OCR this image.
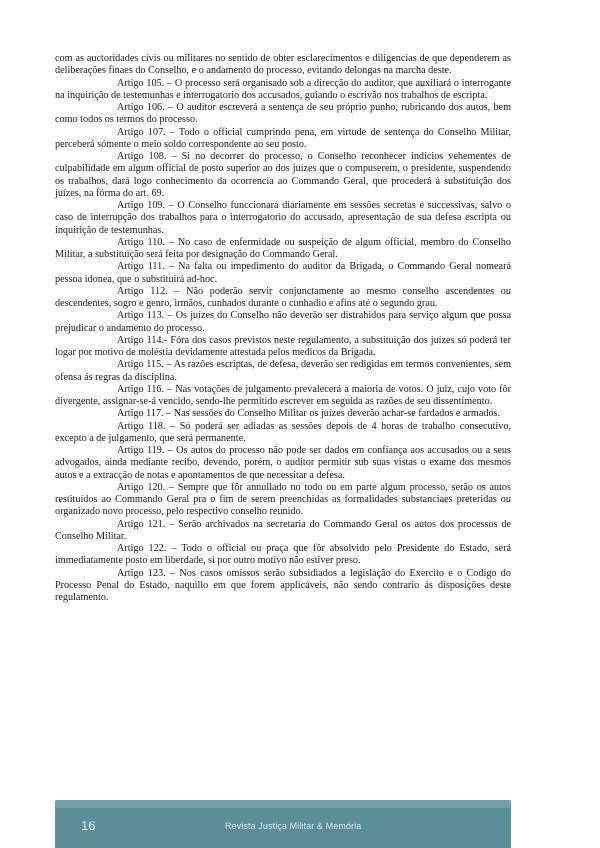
com as auctoridades civis ou militares no sentido de obter esclarecimentos e diligencias de que dependerem as deliberações finaes do Conselho, e o andamento do processo, evitando delongas na marcha deste.

Artigo 105. – O processo será organisado sob a direcção do auditor, que auxiliará o interrogante na inquirição de testemunhas e interrogatorio dos accusados, guiando o escrivão nos trabalhos de escripta.

Artigo 106. – O auditor escreverá a sentença de seu próprio punho, rubricando dos autos, bem como todos os termos do processo.

Artigo 107. – Todo o official cumprindo pena, em virtude de sentença do Conselho Militar, perceberá sómente o meio soldo correspondente ao seu posto.

Artigo 108. – Si no decorrer do processo, o Conselho reconhecer indícios vehementes de culpabilidade em algum official de posto superior ao dos juízes que o compuserem, o presidente, suspendendo os trabalhos, dará logo conhecimento da ocorrencia ao Commando Geral, que procederá à substituição dos juízes, na fórma do art. 69.

Artigo 109. – O Conselho funccionará diariamente em sessões secretas e successivas, salvo o caso de interrupção dos trabalhos para o interrogatorio do accusado, apresentação de sua defesa escripta ou inquirição de testemunhas.

Artigo 110. – No caso de enfermidade ou suspeição de algum official, membro do Conselho Militar, a substituição será feita por designação do Commando Geral.

Artigo 111. – Na falta ou impedimento do auditor da Brigada, o Commando Geral nomeará pessoa idonea, que o substituirá ad-hoc.

Artigo 112. – Não poderão servir conjunctamente ao mesmo conselho ascendentes ou descendentes, sogro e genro, irmãos, cunhados durante o cunhadio e afins até o segundo grau.

Artigo 113. – Os juízes do Conselho não deverão ser distrahidos para serviço algum que possa prejudicar o andamento do processo.

Artigo 114.- Fóra dos casos previstos neste regulamento, a substituição dos juízes só poderá ter logar por motivo de moléstia devidamente attestada pelos medicos da Brigada.

Artigo 115. – As razões escriptas, de defesa, deverão ser redigidas em termos convenientes, sem ofensa ás regras da disciplina.

Artigo 116. – Nas votações de julgamento prevalecerá a maioria de votos. O juiz, cujo voto fôr divergente, assignar-se-á vencido, sendo-lhe permitido escrever em seguida as razões de seu dissentimento.

Artigo 117. – Nas sessões do Conselho Militar os juízes deverão achar-se fardados e armados.

Artigo 118. – Só poderá ser adiadas as sessões depois de 4 horas de trabalho consecutivo, excepto a de julgamento, que será permanente.

Artigo 119. – Os autos do processo não pode ser dados em confiança aos accusados ou a seus advogados, ainda mediante recibo, devendo, porém, o auditor permitir sub suas vistas o exame dos mesmos autos e a extracção de notas e apontamentos de que necessitar a defesa.

Artigo 120. – Sempre que fôr annullado no todo ou em parte algum processo, serão os autos restituídos ao Commando Geral pra o fim de serem preenchidas as formalidades substanciaes preteridas ou organizado novo processo, pelo respectivo conselho reunido.

Artigo 121. – Serão archivados na secretaria do Commando Geral os autos dos processos de Conselho Militar.

Artigo 122. – Todo o official ou praça que fôr absolvido pelo Presidente do Estado, será immediatamente posto em liberdade, si por outro motivo não estiver preso.

Artigo 123. – Nos casos omissos serão subsidiados a legislação do Exercito e o Codigo do Processo Penal do Estado, naquillo em que forem applicáveis, não sendo contrario ás disposições deste regulamento.

16	Revista Justiça Militar & Memória
